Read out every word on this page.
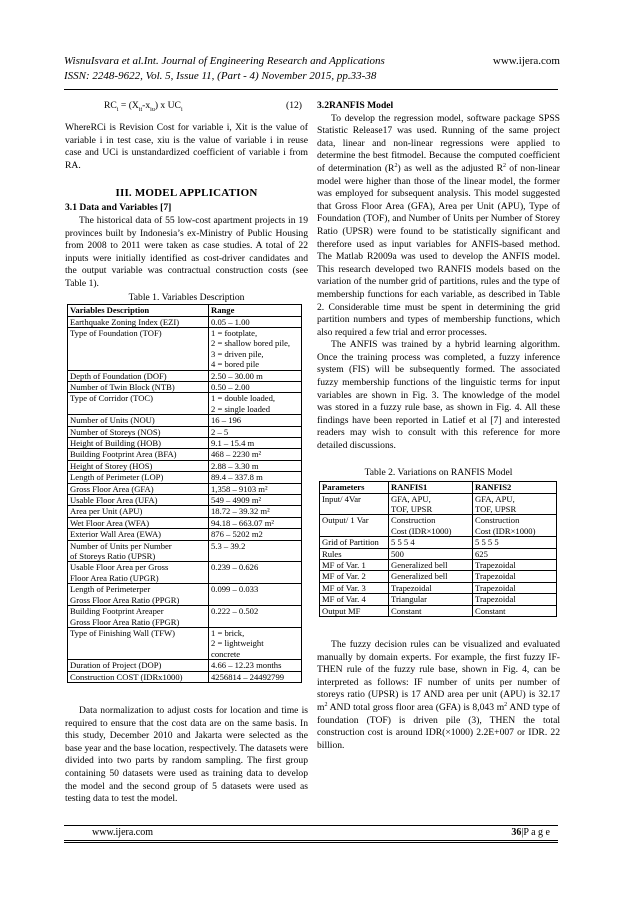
WisnuIsvara et al.Int. Journal of Engineering Research and Applications	www.ijera.com
ISSN: 2248-9622, Vol. 5, Issue 11, (Part - 4) November 2015, pp.33-38
$RC_i = (X_{it}-x_{iu})$ x $UC_i$	(12)

WhereRCi is Revision Cost for variable i, Xit is the value of variable i in test case, xiu is the value of variable i in reuse case and UCi is unstandardized coefficient of variable i from RA.

III. MODEL APPLICATION
3.1 Data and Variables [7]

The historical data of 55 low-cost apartment projects in 19 provinces built by Indonesia’s ex-Ministry of Public Housing from 2008 to 2011 were taken as case studies. A total of 22 inputs were initially identified as cost-driver candidates and the output variable was contractual construction costs (see Table 1).

Table 1. Variables Description
Variables Description	Range
Earthquake Zoning Index (EZI)	0.05 – 1.00
Type of Foundation (TOF)	1 = footplate,
2 = shallow bored pile,
3 = driven pile,
4 = bored pile
Depth of Foundation (DOF)	2.50 – 30.00 m
Number of Twin Block (NTB)	0.50 – 2.00
Type of Corridor (TOC)	1 = double loaded,
2 = single loaded
Number of Units (NOU)	16 – 196
Number of Storeys (NOS)	2 – 5
Height of Building (HOB)	9.1 – 15.4 m
Building Footprint Area (BFA)	468 – 2230 m²
Height of Storey (HOS)	2.88 – 3.30 m
Length of Perimeter (LOP)	89.4 – 337.8 m
Gross Floor Area (GFA)	1,358 – 9103 m²
Usable Floor Area (UFA)	549 – 4909 m²
Area per Unit (APU)	18.72 – 39.32 m²
Wet Floor Area (WFA)	94.18 – 663.07 m²
Exterior Wall Area (EWA)	876 – 5202 m2
Number of Units per Number
of Storeys Ratio (UPSR)	5.3 – 39.2
Usable Floor Area per Gross
Floor Area Ratio (UPGR)	0.239 – 0.626
Length of Perimeterper
Gross Floor Area Ratio (PPGR)	0.099 – 0.033
Building Footprint Areaper
Gross Floor Area Ratio (FPGR)	0.222 – 0.502
Type of Finishing Wall (TFW)	1 = brick,
2 = lightweight
concrete
Duration of Project (DOP)	4.66 – 12.23 months
Construction COST (IDRx1000)	4256814 – 24492799

Data normalization to adjust costs for location and time is required to ensure that the cost data are on the same basis. In this study, December 2010 and Jakarta were selected as the base year and the base location, respectively. The datasets were divided into two parts by random sampling. The first group containing 50 datasets were used as training data to develop the model and the second group of 5 datasets were used as testing data to test the model.

3.2RANFIS Model

To develop the regression model, software package SPSS Statistic Release17 was used. Running of the same project data, linear and non-linear regressions were applied to determine the best fitmodel. Because the computed coefficient of determination $(R^2)$ as well as the adjusted $R^2$ of non-linear model were higher than those of the linear model, the former was employed for subsequent analysis. This model suggested that Gross Floor Area (GFA), Area per Unit (APU), Type of Foundation (TOF), and Number of Units per Number of Storey Ratio (UPSR) were found to be statistically significant and therefore used as input variables for ANFIS-based method. The Matlab R2009a was used to develop the ANFIS model. This research developed two RANFIS models based on the variation of the number grid of partitions, rules and the type of membership functions for each variable, as described in Table 2. Considerable time must be spent in determining the grid partition numbers and types of membership functions, which also required a few trial and error processes.

The ANFIS was trained by a hybrid learning algorithm. Once the training process was completed, a fuzzy inference system (FIS) will be subsequently formed. The associated fuzzy membership functions of the linguistic terms for input variables are shown in Fig. 3. The knowledge of the model was stored in a fuzzy rule base, as shown in Fig. 4. All these findings have been reported in Latief et al [7] and interested readers may wish to consult with this reference for more detailed discussions.

Table 2. Variations on RANFIS Model
Parameters	RANFIS1	RANFIS2
Input/ 4Var	GFA, APU,
TOF, UPSR	GFA, APU,
TOF, UPSR
Output/ 1 Var	Construction
Cost (IDR×1000)	Construction
Cost (IDR×1000)
Grid of Partition	5 5 5 4	5 5 5 5
Rules	500	625
MF of Var. 1	Generalized bell	Trapezoidal
MF of Var. 2	Generalized bell	Trapezoidal
MF of Var. 3	Trapezoidal	Trapezoidal
MF of Var. 4	Triangular	Trapezoidal
Output MF	Constant	Constant

The fuzzy decision rules can be visualized and evaluated manually by domain experts. For example, the first fuzzy IF-THEN rule of the fuzzy rule base, shown in Fig. 4, can be interpreted as follows: IF number of units per number of storeys ratio (UPSR) is 17 AND area per unit (APU) is 32.17 $m^2$ AND total gross floor area (GFA) is 8,043 $m^2$ AND type of foundation (TOF) is driven pile (3), THEN the total construction cost is around IDR(×1000) 2.2E+007 or IDR. 22 billion.

www.ijera.com	36|P a g e
